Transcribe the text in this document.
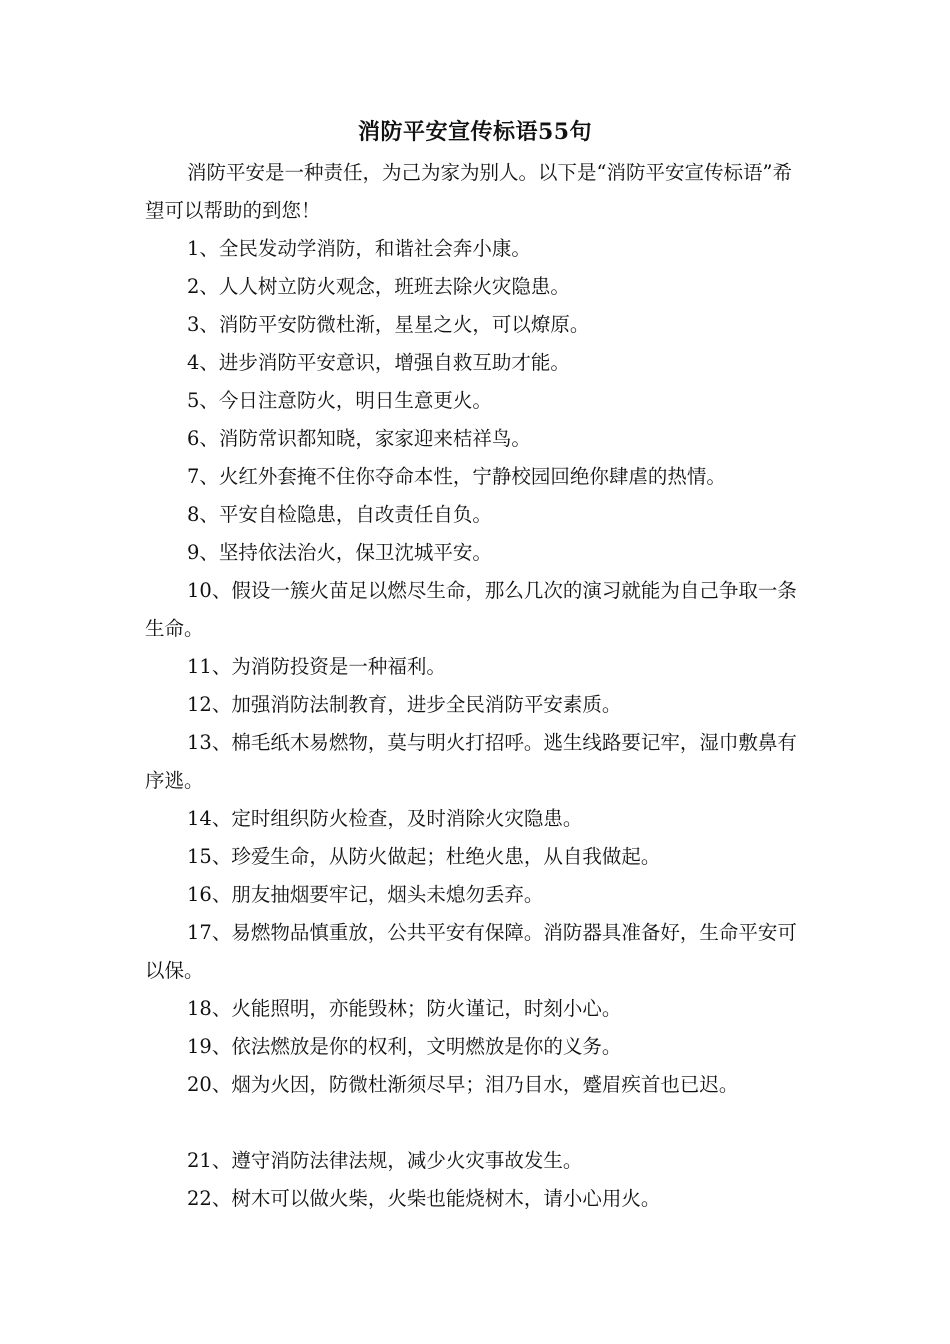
消防平安宣传标语55句

消防平安是一种责任，为己为家为别人。以下是“消防平安宣传标语”希望可以帮助的到您！

1、全民发动学消防，和谐社会奔小康。

2、人人树立防火观念，班班去除火灾隐患。

3、消防平安防微杜渐，星星之火，可以燎原。

4、进步消防平安意识，增强自救互助才能。

5、今日注意防火，明日生意更火。

6、消防常识都知晓，家家迎来桔祥鸟。

7、火红外套掩不住你夺命本性，宁静校园回绝你肆虐的热情。

8、平安自检隐患，自改责任自负。

9、坚持依法治火，保卫沈城平安。

10、假设一簇火苗足以燃尽生命，那么几次的演习就能为自己争取一条生命。

11、为消防投资是一种福利。

12、加强消防法制教育，进步全民消防平安素质。

13、棉毛纸木易燃物，莫与明火打招呼。逃生线路要记牢，湿巾敷鼻有序逃。

14、定时组织防火检查，及时消除火灾隐患。

15、珍爱生命，从防火做起；杜绝火患，从自我做起。

16、朋友抽烟要牢记，烟头未熄勿丢弃。

17、易燃物品慎重放，公共平安有保障。消防器具准备好，生命平安可以保。

18、火能照明，亦能毁林；防火谨记，时刻小心。

19、依法燃放是你的权利，文明燃放是你的义务。

20、烟为火因，防微杜渐须尽早；泪乃目水，蹙眉疾首也已迟。

21、遵守消防法律法规，减少火灾事故发生。

22、树木可以做火柴，火柴也能烧树木，请小心用火。
